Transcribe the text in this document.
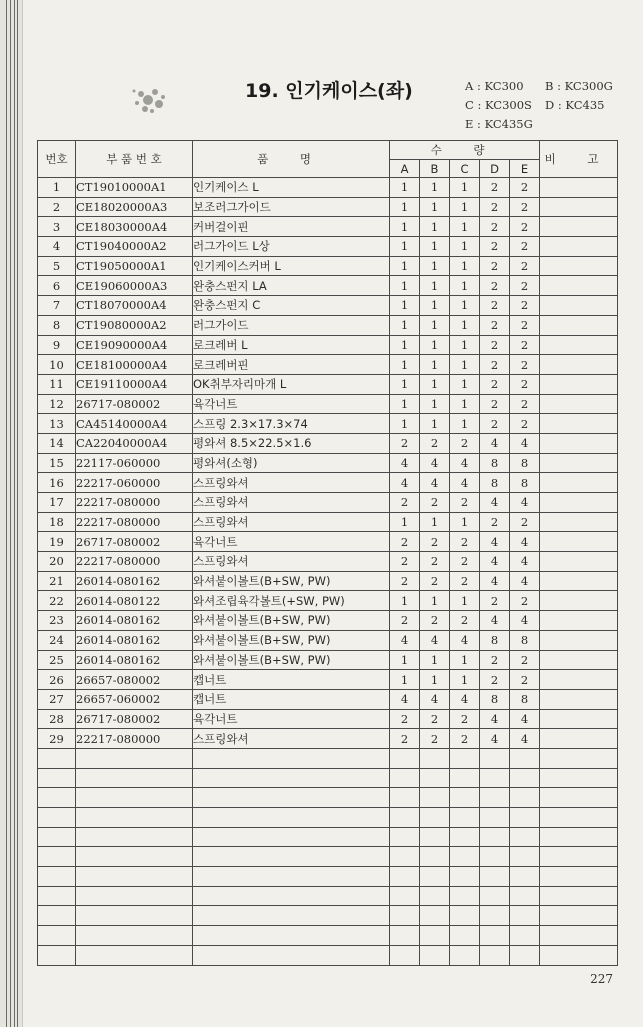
19. 인기케이스(좌)	A : KC300 B : KC300G
C : KC300S D : KC435
E : KC435G
번호	부 품 번 호	품 명	수 량					비 고
			A	B	C	D	E	
1	CT19010000A1	인기케이스 L	1	1	1	2	2	
2	CE18020000A3	보조러그가이드	1	1	1	2	2	
3	CE18030000A4	커버걸이핀	1	1	1	2	2	
4	CT19040000A2	러그가이드 L상	1	1	1	2	2	
5	CT19050000A1	인기케이스커버 L	1	1	1	2	2	
6	CE19060000A3	완충스펀지 LA	1	1	1	2	2	
7	CT18070000A4	완충스펀지 C	1	1	1	2	2	
8	CT19080000A2	러그가이드	1	1	1	2	2	
9	CE19090000A4	로크레버 L	1	1	1	2	2	
10	CE18100000A4	로크레버핀	1	1	1	2	2	
11	CE19110000A4	OK취부자리마개 L	1	1	1	2	2	
12	26717-080002	육각너트	1	1	1	2	2	
13	CA45140000A4	스프링 2.3×17.3×74	1	1	1	2	2	
14	CA22040000A4	평와셔 8.5×22.5×1.6	2	2	2	4	4	
15	22117-060000	평와셔(소형)	4	4	4	8	8	
16	22217-060000	스프링와셔	4	4	4	8	8	
17	22217-080000	스프링와셔	2	2	2	4	4	
18	22217-080000	스프링와셔	1	1	1	2	2	
19	26717-080002	육각너트	2	2	2	4	4	
20	22217-080000	스프링와셔	2	2	2	4	4	
21	26014-080162	와셔붙이볼트(B+SW, PW)	2	2	2	4	4	
22	26014-080122	와셔조립육각볼트(+SW, PW)	1	1	1	2	2	
23	26014-080162	와셔붙이볼트(B+SW, PW)	2	2	2	4	4	
24	26014-080162	와셔붙이볼트(B+SW, PW)	4	4	4	8	8	
25	26014-080162	와셔붙이볼트(B+SW, PW)	1	1	1	2	2	
26	26657-080002	캡너트	1	1	1	2	2	
27	26657-060002	캡너트	4	4	4	8	8	
28	26717-080002	육각너트	2	2	2	4	4	
29	22217-080000	스프링와셔	2	2	2	4	4	

227
